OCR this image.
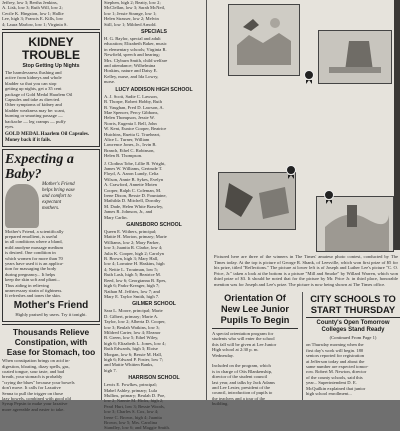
Jeffrey, low 3; Bertha Jenkins,
A. Lisk, low 3; Ruth Will, low 2;
Cecile K. Hingston, low 1; Hallie
Lee, high 3; Francis E. Kills, low
4; Laura Marlow, low 1; Virginia S.
KIDNEY TROUBLE
Stop Getting Up Nights
The harmlessness flushing and
active from kidneys and whole
bladder so that you can stop
getting up nights, get a 35 cent
package of Gold Medal Haarlem Oil
Capsules and take as directed.
Other symptoms of kidney and
bladder weakness may be: scant,
burning or smarting passage —
backache — leg cramps — puffy
eyes.
GOLD MEDAL Haarlem Oil Capsules.
Money back if it fails.
Expecting a Baby?
Mother's Friend
helps bring ease
and comfort to
expectant
mothers.
Mother's Friend, a scientifically
prepared emollient, is useful
in all conditions where a bland,
mild anodyne massage medium
is desired. One condition in
which women for more than 70
years have used it is an applica-
tion for massaging the body
during pregnancy... It helps
keep the skin soft and pliant...
Thus aiding in relieving
unnecessary strain of tightness.
It refreshes and tones the skin.
Mother's Friend
Highly praised by users. Try it tonight.
Thousands Relieve
Constipation, with
Ease for Stomach, too
When constipation brings on acid in-
digestion, bloating, dizzy spells, gas,
coated tongue, sour taste, and bad
breath, your stomach is probably
"crying the blues" because your bowels
don't move. It calls for Laxative
Senna to pull the trigger on those
lazy bowels, combined with good old
Syrup Pepsin to make your laxative
more agreeable and easier to take.
Stephen, high 2; Beatty, low 2;
McClellan, low 3; Sarah McNeil,
low 1; Jessie Strange, low 1;
Helen Strasser, low 2; Melvin
Still, low 1; Mildred Arnold.
SPECIALS
H. G. Baylor, special and adult
education; Elizabeth Baker, music
in elementary schools; Virginia R.
Newfield, speech and hearing;
Mrs. Clyburn Smith, child welfare
and attendance; Wilhelmina
Hoskins, nature and Daisy E.
Kelley, nurse, and Ida Lowry,
nurse.
LUCY ADDISON HIGH SCHOOL
A. J. Scott, Sadie C. Lawson,
B. Thorpe, Robert Hobby, Ruth
B. Vaughan, Fred D. Lawson, A.
Mae Spencer, Percy Gibbons,
Helen Thompson, Jessie W.
Norris, Eugenia I. Bell, John
W. Kent, Eunice Cooper, Beatrice
Hutchins, Ruetta G. Trueheart,
Alice L. Turner, William
Lawrence Jones, Jr., Irvin B.
Branch, Ethel C. Robinson,
Helen B. Thompson.
J. Clodina Tobe, Lillie B. Wright,
James W. Williams, Gertrude T.
Floyd, A. Aaron Lundy, Celia
Wilson, Annie B. Sykes, Evelyn
A. Crawford, Annette Moten
Cooper, Ralph C. Coleman, M.
Irene Dixon, Bessie D. Fountaine,
Mathilda D. Mitchell, Dorothy
M. Dade, Helen White Brawley,
James R. Johnson, Jr., and
Mary Carlin.
GAINSBORO SCHOOL
Queen E. Withers, principal;
Mattie H. Morton, primary; Marie
Williams, low 2; Mary Parker,
low 3; Juanita R. Clarke, low 4;
Julia K. Cooper, high 2; Carolyn
B. Brown, high 3; Mary Hall,
low 4; Lorraine H. Haskins, high
4; Nettie L. Troutman, low 5;
Ruth Lash, high 5; Beatrice M.
Reed, low 6; Georgianna B. Epes,
high 6; Parks-Kreager, high 7;
Nathan M. Jeffries, low 7; and
Mary E. Taylor Smith, high 7.
GILMER SCHOOL
Sara L. Moore, principal; Marie
D. Gilbert, primary; Marie A.
Taylor, low 2; Alberta D. Cooper,
low 3; Beulah Watkins, low 3;
Mildred Carter, low 4; Eleanor
B. Green, low 5; Ethel Wiley,
high 6; Elizabeth L. Jones, low 4;
Ruth Edwards, high 3; Eloise
Morgan, low 6; Bessie M. Hall,
high 6; Edward P. Foster, low 7;
and Mattie Whitten Banks,
high 7.
HARRISON SCHOOL
Lewis E. Fowlkes, principal;
Mabel Ashley, primary; Lula
Mullins, primary; Beulah D. Poe,
low 2; Nannie M. Hicks, high 2;
Pearl Hurt, low 3; Bessie Woods,
low 3; Charles S. Cox, low 4;
Irene C. Brown, high 4; Juanita
Brown, low 5; Mrs. Carolina
Standley, low 6; and Maggie Smith.
Pictured here are three of the winners in The Times' amateur photo contest, conducted by The Times today. At the top is picture of George R. Shank, of Leesville, which won first prize of $5 for his prize, titled "Reflections." The picture at lower left is of Joseph and Luther Lee's picture "C. O. Price, Jr." taken a look at the bottom is a picture "Mill and Smoke" by Willard Warren, which won third prize of $3. It should be noted that for the picture by Mr. Price Jr. in third place, honorable mention was for Joseph and Lee's prize. The picture is now being shown at The Times office.
Orientation Of
New Lee Junior
Pupils To Begin
A special orientation program for
students who will enter the school
this fall will be given at Lee Junior
High school at 2:30 p. m.
Wednesday.

Included on the program, which
is in charge of Otis Blankenship,
director of the student council
last year, and talks by Jack Adams
and Lee Lester, president of the
council, introduction of pupils to
the teachers and a tour of the
building.
CITY SCHOOLS TO
START THURSDAY
County's Open Tomorrow
Colleges Stand Ready
(Continued From Page 1)
on Thursday morning when the
first day's work will begin. 180
seniors reported for registration
at Jefferson today and about the
same number are expected tomor-
row. Robert M. Newton, director
of the county schools, said this
year... Superintendent D. E.
McQuilkin explained that junior
high school enrollment...
